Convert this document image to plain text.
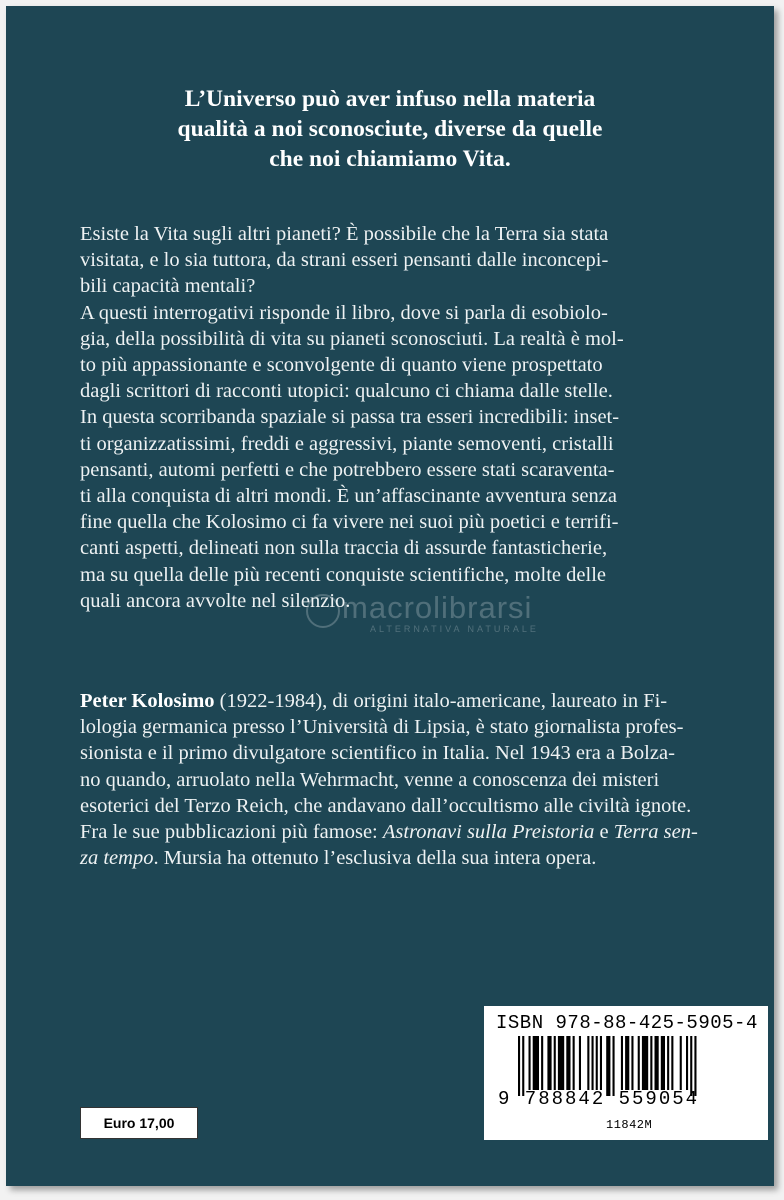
L’Universo può aver infuso nella materia
qualità a noi sconosciute, diverse da quelle
che noi chiamiamo Vita.
Esiste la Vita sugli altri pianeti? È possibile che la Terra sia stata
visitata, e lo sia tuttora, da strani esseri pensanti dalle inconcepi-
bili capacità mentali?
A questi interrogativi risponde il libro, dove si parla di esobiolo-
gia, della possibilità di vita su pianeti sconosciuti. La realtà è mol-
to più appassionante e sconvolgente di quanto viene prospettato
dagli scrittori di racconti utopici: qualcuno ci chiama dalle stelle.
In questa scorribanda spaziale si passa tra esseri incredibili: inset-
ti organizzatissimi, freddi e aggressivi, piante semoventi, cristalli
pensanti, automi perfetti e che potrebbero essere stati scaraventa-
ti alla conquista di altri mondi. È un’affascinante avventura senza
fine quella che Kolosimo ci fa vivere nei suoi più poetici e terrifi-
canti aspetti, delineati non sulla traccia di assurde fantasticherie,
ma su quella delle più recenti conquiste scientifiche, molte delle
quali ancora avvolte nel silenzio.
macrolibrarsi
ALTERNATIVA NATURALE
Peter Kolosimo (1922-1984), di origini italo-americane, laureato in Fi-
lologia germanica presso l’Università di Lipsia, è stato giornalista profes-
sionista e il primo divulgatore scientifico in Italia. Nel 1943 era a Bolza-
no quando, arruolato nella Wehrmacht, venne a conoscenza dei misteri
esoterici del Terzo Reich, che andavano dall’occultismo alle civiltà ignote.
Fra le sue pubblicazioni più famose: Astronavi sulla Preistoria e Terra sen-
za tempo. Mursia ha ottenuto l’esclusiva della sua intera opera.
Euro 17,00
ISBN 978-88-425-5905-4
9 788842 559054
11842M
